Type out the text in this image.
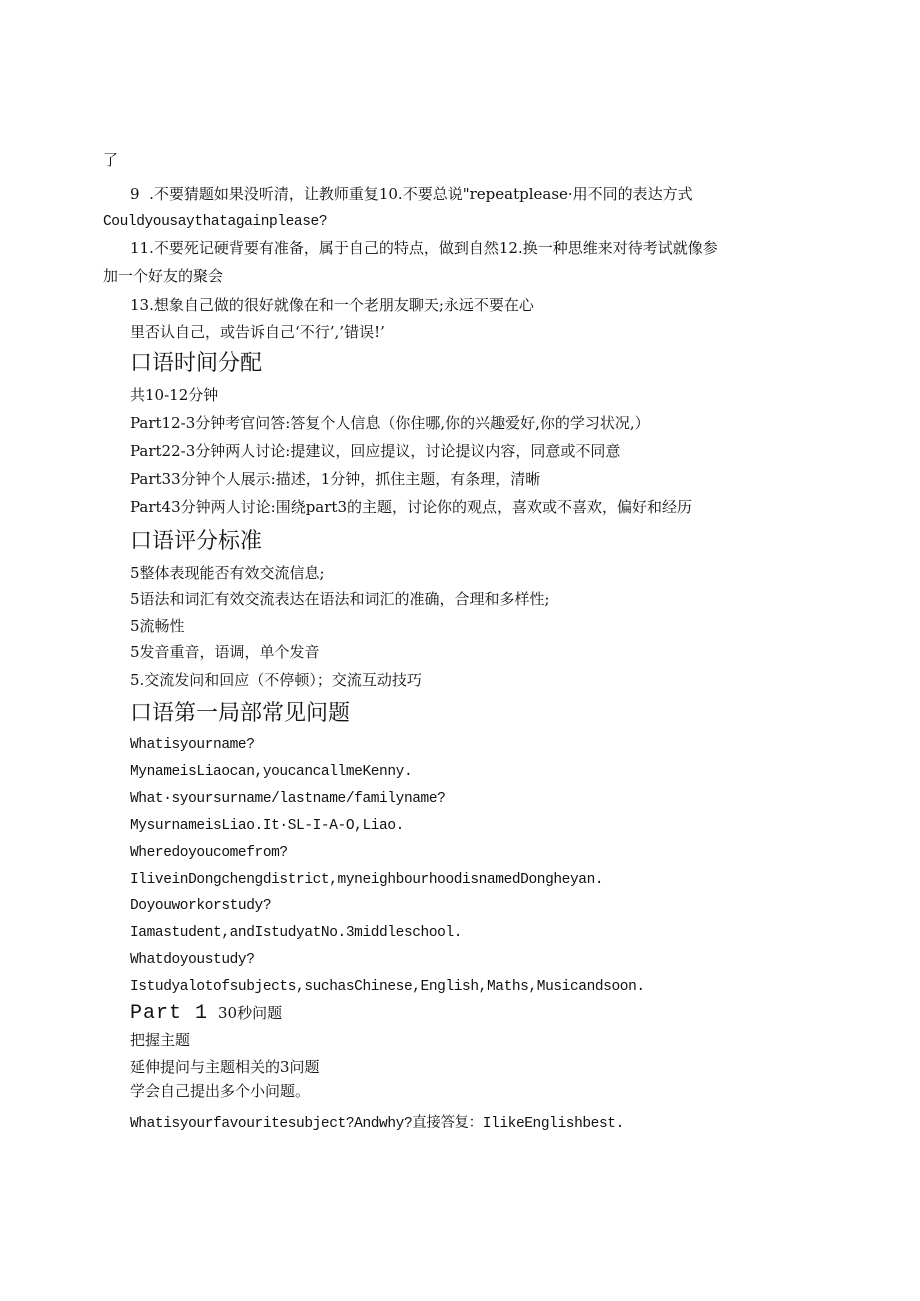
了
9  .不要猜题如果没听清，让教师重复10.不要总说"repeatplease·用不同的表达方式
Couldyousaythatagainplease?
11.不要死记硬背要有准备，属于自己的特点，做到自然12.换一种思维来对待考试就像参
加一个好友的聚会
13.想象自己做的很好就像在和一个老朋友聊天;永远不要在心
里否认自己，或告诉自己‘不行’,’错误!’
口语时间分配
共10-12分钟
Part12-3分钟考官问答:答复个人信息（你住哪,你的兴趣爱好,你的学习状况,）
Part22-3分钟两人讨论:提建议，回应提议，讨论提议内容，同意或不同意
Part33分钟个人展示:描述，1分钟，抓住主题，有条理，清晰
Part43分钟两人讨论:围绕part3的主题，讨论你的观点，喜欢或不喜欢，偏好和经历
口语评分标准
5整体表现能否有效交流信息;
5语法和词汇有效交流表达在语法和词汇的准确，合理和多样性;
5流畅性
5发音重音，语调，单个发音
5.交流发问和回应（不停顿）；交流互动技巧
口语第一局部常见问题
Whatisyourname?
MynameisLiaocan,youcancallmeKenny.
What·syoursurname/lastname/familyname?
MysurnameisLiao.It·SL-I-A-O,Liao.
Wheredoyoucomefrom?
IliveinDongchengdistrict,myneighbourhoodisnamedDongheyan.
Doyouworkorstudy?
Iamastudent,andIstudyatNo.3middleschool.
Whatdoyoustudy?
Istudyalotofsubjects,suchasChinese,English,Maths,Musicandsoon.
Part 1 30秒问题
把握主题
延伸提问与主题相关的3问题
学会自己提出多个小问题。
Whatisyourfavouritesubject?Andwhy?直接答复：IlikeEnglishbest.
